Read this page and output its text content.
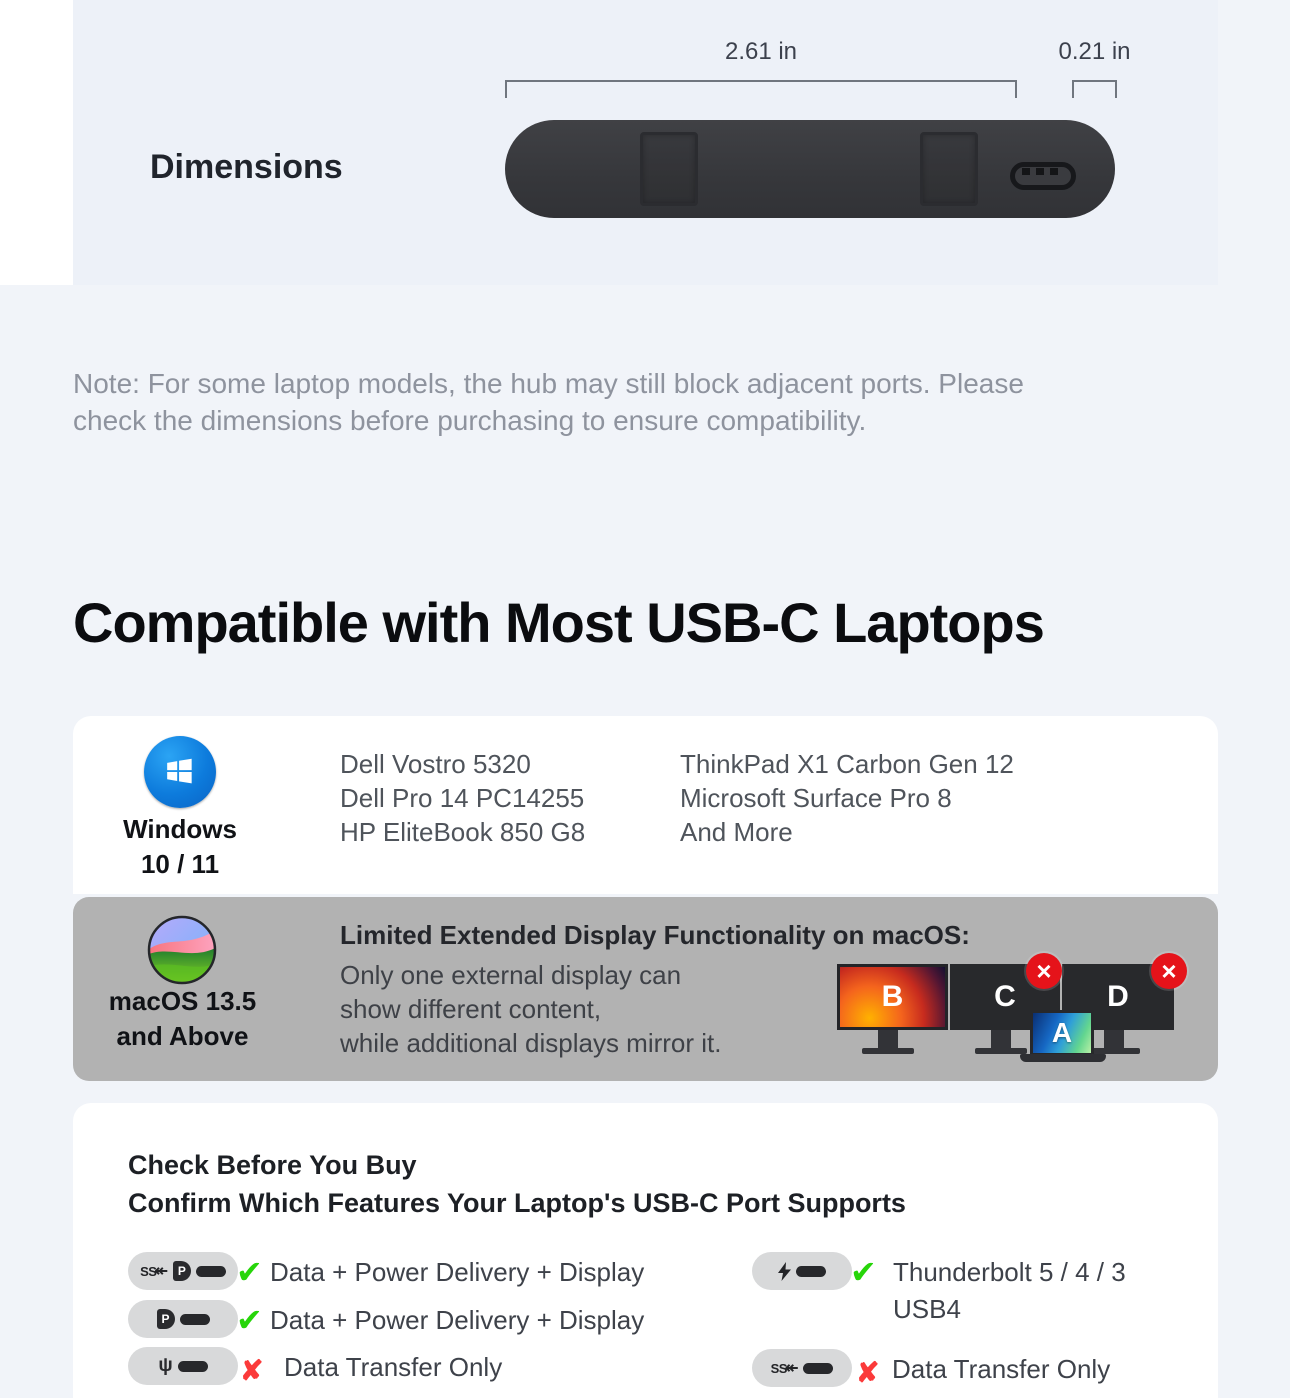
Dimensions
2.61 in	0.21 in
Note: For some laptop models, the hub may still block adjacent ports. Please
check the dimensions before purchasing to ensure compatibility.
Compatible with Most USB-C Laptops
Windows
10 / 11
Dell Vostro 5320
Dell Pro 14 PC14255
HP EliteBook 850 G8
ThinkPad X1 Carbon Gen 12
Microsoft Surface Pro 8
And More
macOS 13.5
and Above
Limited Extended Display Functionality on macOS:
Only one external display can
show different content,
while additional displays mirror it.
B	C	D
A
×	×
Check Before You Buy
Confirm Which Features Your Laptop's USB-C Port Supports
SS↞ P ✔ Data + Power Delivery + Display
P ✔ Data + Power Delivery + Display
ψ ✘ Data Transfer Only
✔ Thunderbolt 5 / 4 / 3
USB4
SS↞ ✘ Data Transfer Only
